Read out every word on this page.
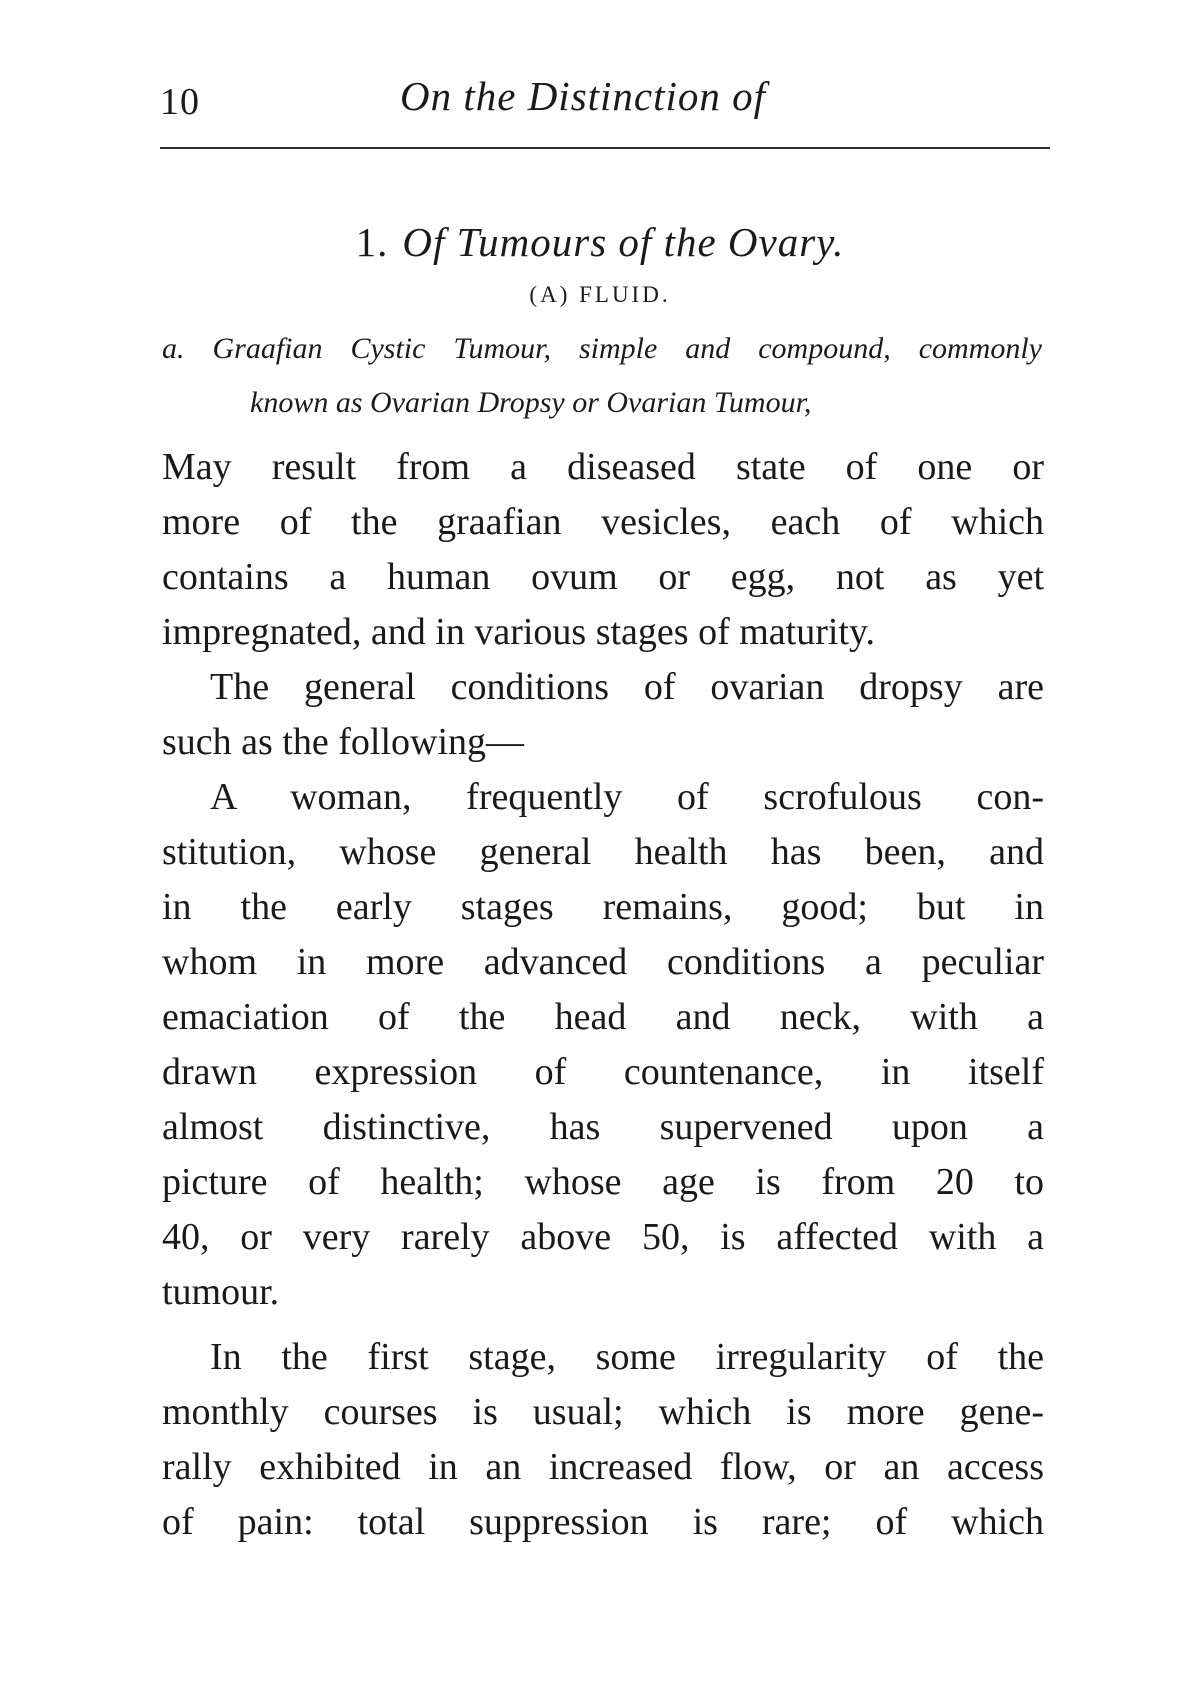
10	On the Distinction of
1. Of Tumours of the Ovary.
(A) FLUID.
a. Graafian Cystic Tumour, simple and compound, commonly
known as Ovarian Dropsy or Ovarian Tumour,
May result from a diseased state of one or
more of the graafian vesicles, each of which
contains a human ovum or egg, not as yet
impregnated, and in various stages of maturity.
The general conditions of ovarian dropsy are
such as the following—
A woman, frequently of scrofulous con-
stitution, whose general health has been, and
in the early stages remains, good; but in
whom in more advanced conditions a peculiar
emaciation of the head and neck, with a
drawn expression of countenance, in itself
almost distinctive, has supervened upon a
picture of health; whose age is from 20 to
40, or very rarely above 50, is affected with a
tumour.
In the first stage, some irregularity of the
monthly courses is usual; which is more gene-
rally exhibited in an increased flow, or an access
of pain: total suppression is rare; of which
